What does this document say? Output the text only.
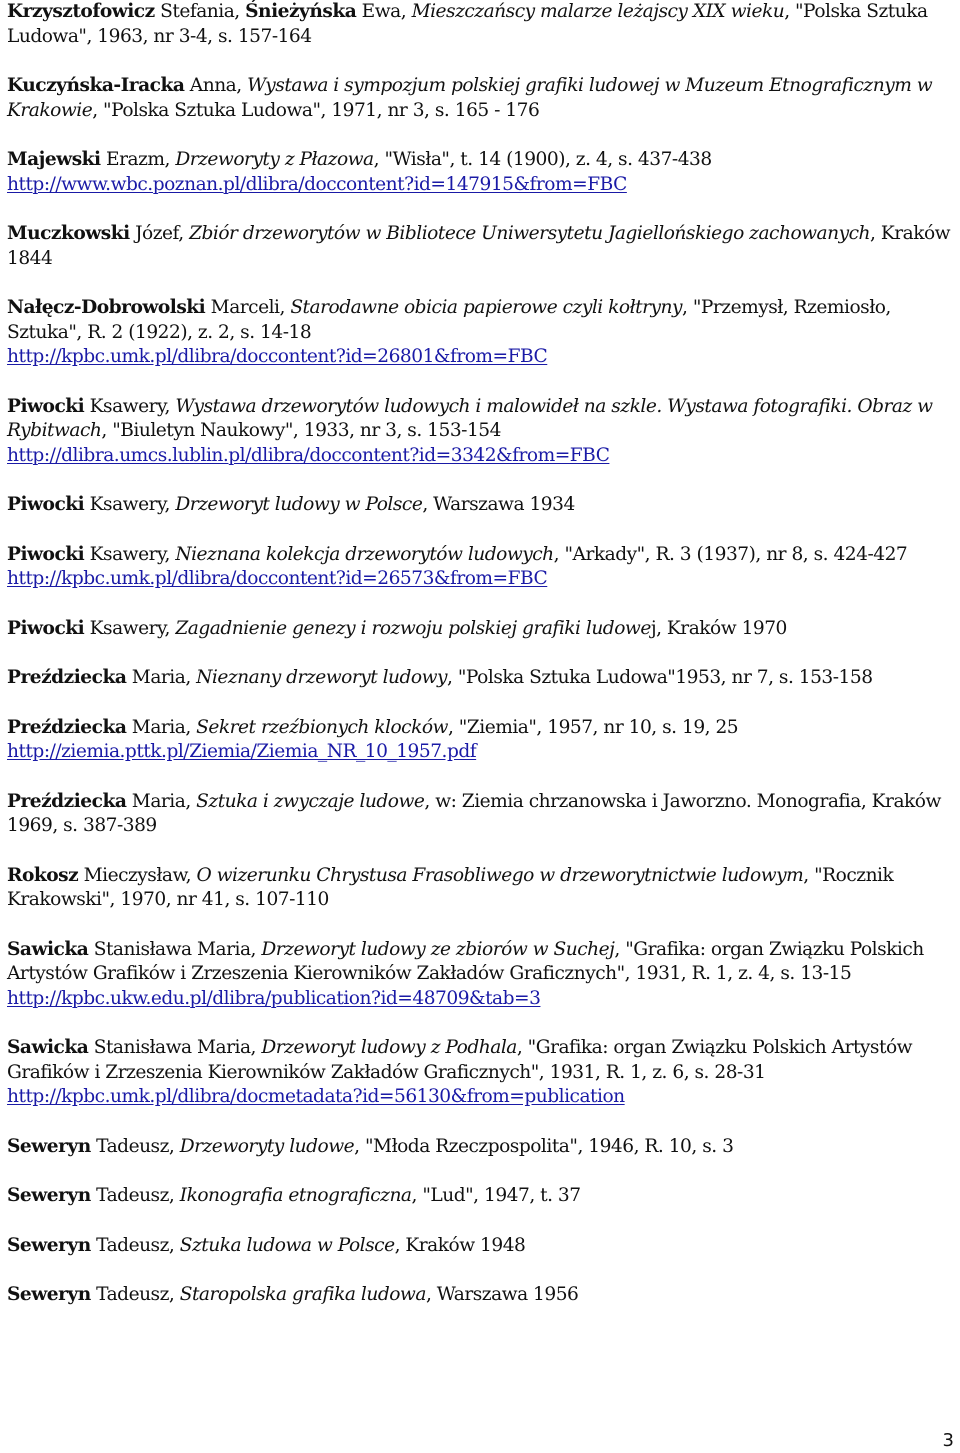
Krzysztofowicz Stefania, Śnieżyńska Ewa, Mieszczańscy malarze leżajscy XIX wieku, "Polska Sztuka Ludowa", 1963, nr 3-4, s. 157-164
Kuczyńska-Iracka Anna, Wystawa i sympozjum polskiej grafiki ludowej w Muzeum Etnograficznym w Krakowie, "Polska Sztuka Ludowa", 1971, nr 3, s. 165 - 176
Majewski Erazm, Drzeworyty z Płazowa, "Wisła", t. 14 (1900), z. 4, s. 437-438
http://www.wbc.poznan.pl/dlibra/doccontent?id=147915&from=FBC
Muczkowski Józef, Zbiór drzeworytów w Bibliotece Uniwersytetu Jagiellońskiego zachowanych, Kraków 1844
Nałęcz-Dobrowolski Marceli, Starodawne obicia papierowe czyli kołtryny, "Przemysł, Rzemiosło, Sztuka", R. 2 (1922), z. 2, s. 14-18
http://kpbc.umk.pl/dlibra/doccontent?id=26801&from=FBC
Piwocki Ksawery, Wystawa drzeworytów ludowych i malowideł na szkle. Wystawa fotografiki. Obraz w Rybitwach, "Biuletyn Naukowy", 1933, nr 3, s. 153-154
http://dlibra.umcs.lublin.pl/dlibra/doccontent?id=3342&from=FBC
Piwocki Ksawery, Drzeworyt ludowy w Polsce, Warszawa 1934
Piwocki Ksawery, Nieznana kolekcja drzeworytów ludowych, "Arkady", R. 3 (1937), nr 8, s. 424-427
http://kpbc.umk.pl/dlibra/doccontent?id=26573&from=FBC
Piwocki Ksawery, Zagadnienie genezy i rozwoju polskiej grafiki ludowej, Kraków 1970
Preździecka Maria, Nieznany drzeworyt ludowy, "Polska Sztuka Ludowa"1953, nr 7, s. 153-158
Preździecka Maria, Sekret rzeźbionych klocków, "Ziemia", 1957, nr 10, s. 19, 25
http://ziemia.pttk.pl/Ziemia/Ziemia_NR_10_1957.pdf
Preździecka Maria, Sztuka i zwyczaje ludowe, w: Ziemia chrzanowska i Jaworzno. Monografia, Kraków 1969, s. 387-389
Rokosz Mieczysław, O wizerunku Chrystusa Frasobliwego w drzeworytnictwie ludowym, "Rocznik Krakowski", 1970, nr 41, s. 107-110
Sawicka Stanisława Maria, Drzeworyt ludowy ze zbiorów w Suchej, "Grafika: organ Związku Polskich Artystów Grafików i Zrzeszenia Kierowników Zakładów Graficznych", 1931, R. 1, z. 4, s. 13-15
http://kpbc.ukw.edu.pl/dlibra/publication?id=48709&tab=3
Sawicka Stanisława Maria, Drzeworyt ludowy z Podhala, "Grafika: organ Związku Polskich Artystów Grafików i Zrzeszenia Kierowników Zakładów Graficznych", 1931, R. 1, z. 6, s. 28-31
http://kpbc.umk.pl/dlibra/docmetadata?id=56130&from=publication
Seweryn Tadeusz, Drzeworyty ludowe, "Młoda Rzeczpospolita", 1946, R. 10, s. 3
Seweryn Tadeusz, Ikonografia etnograficzna, "Lud", 1947, t. 37
Seweryn Tadeusz, Sztuka ludowa w Polsce, Kraków 1948
Seweryn Tadeusz, Staropolska grafika ludowa, Warszawa 1956
3
